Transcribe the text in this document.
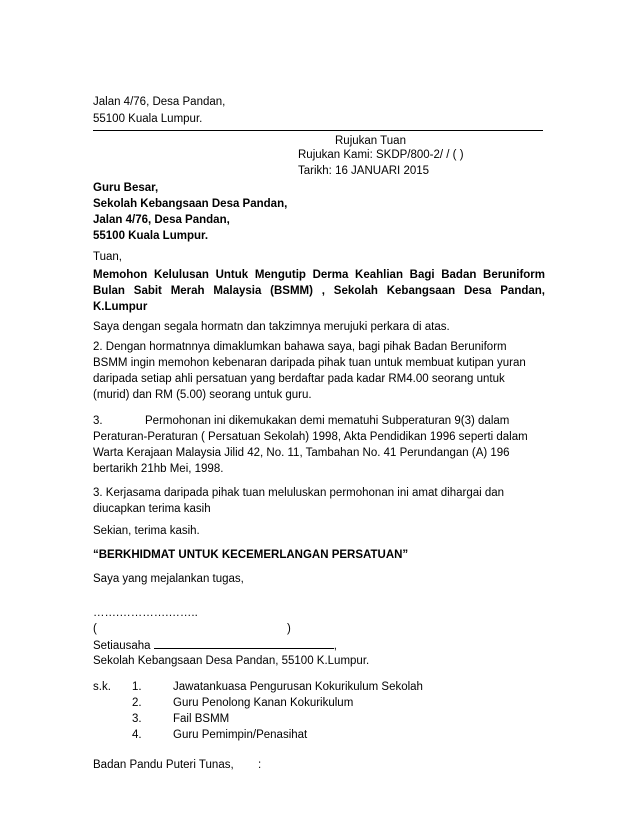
Jalan 4/76, Desa Pandan,
55100 Kuala Lumpur.
Rujukan Tuan
Rujukan Kami: SKDP/800-2/ / ( )
Tarikh: 16 JANUARI 2015
Guru Besar,
Sekolah Kebangsaan Desa Pandan,
Jalan 4/76, Desa Pandan,
55100 Kuala Lumpur.
Tuan,
Memohon Kelulusan Untuk Mengutip Derma Keahlian Bagi Badan Beruniform
Bulan Sabit Merah Malaysia (BSMM) , Sekolah Kebangsaan Desa Pandan,
K.Lumpur
Saya dengan segala hormatn dan takzimnya merujuki perkara di atas.
2. Dengan hormatnnya dimaklumkan bahawa saya, bagi pihak Badan Beruniform
BSMM ingin memohon kebenaran daripada pihak tuan untuk membuat kutipan yuran
daripada setiap ahli persatuan yang berdaftar pada kadar RM4.00 seorang untuk
(murid) dan RM (5.00) seorang untuk guru.
3.	Permohonan ini dikemukakan demi mematuhi Subperaturan 9(3) dalam
Peraturan-Peraturan ( Persatuan Sekolah) 1998, Akta Pendidikan 1996 seperti dalam
Warta Kerajaan Malaysia Jilid 42, No. 11, Tambahan No. 41 Perundangan (A) 196
bertarikh 21hb Mei, 1998.
3. Kerjasama daripada pihak tuan meluluskan permohonan ini amat dihargai dan
diucapkan terima kasih
Sekian, terima kasih.
“BERKHIDMAT UNTUK KECEMERLANGAN PERSATUAN”
Saya yang mejalankan tugas,
…….………….……..
(	)
Setiausaha	,
Sekolah Kebangsaan Desa Pandan, 55100 K.Lumpur.
s.k. 1.	Jawatankuasa Pengurusan Kokurikulum Sekolah
2.	Guru Penolong Kanan Kokurikulum
3.	Fail BSMM
4.	Guru Pemimpin/Penasihat
Badan Pandu Puteri Tunas, :
